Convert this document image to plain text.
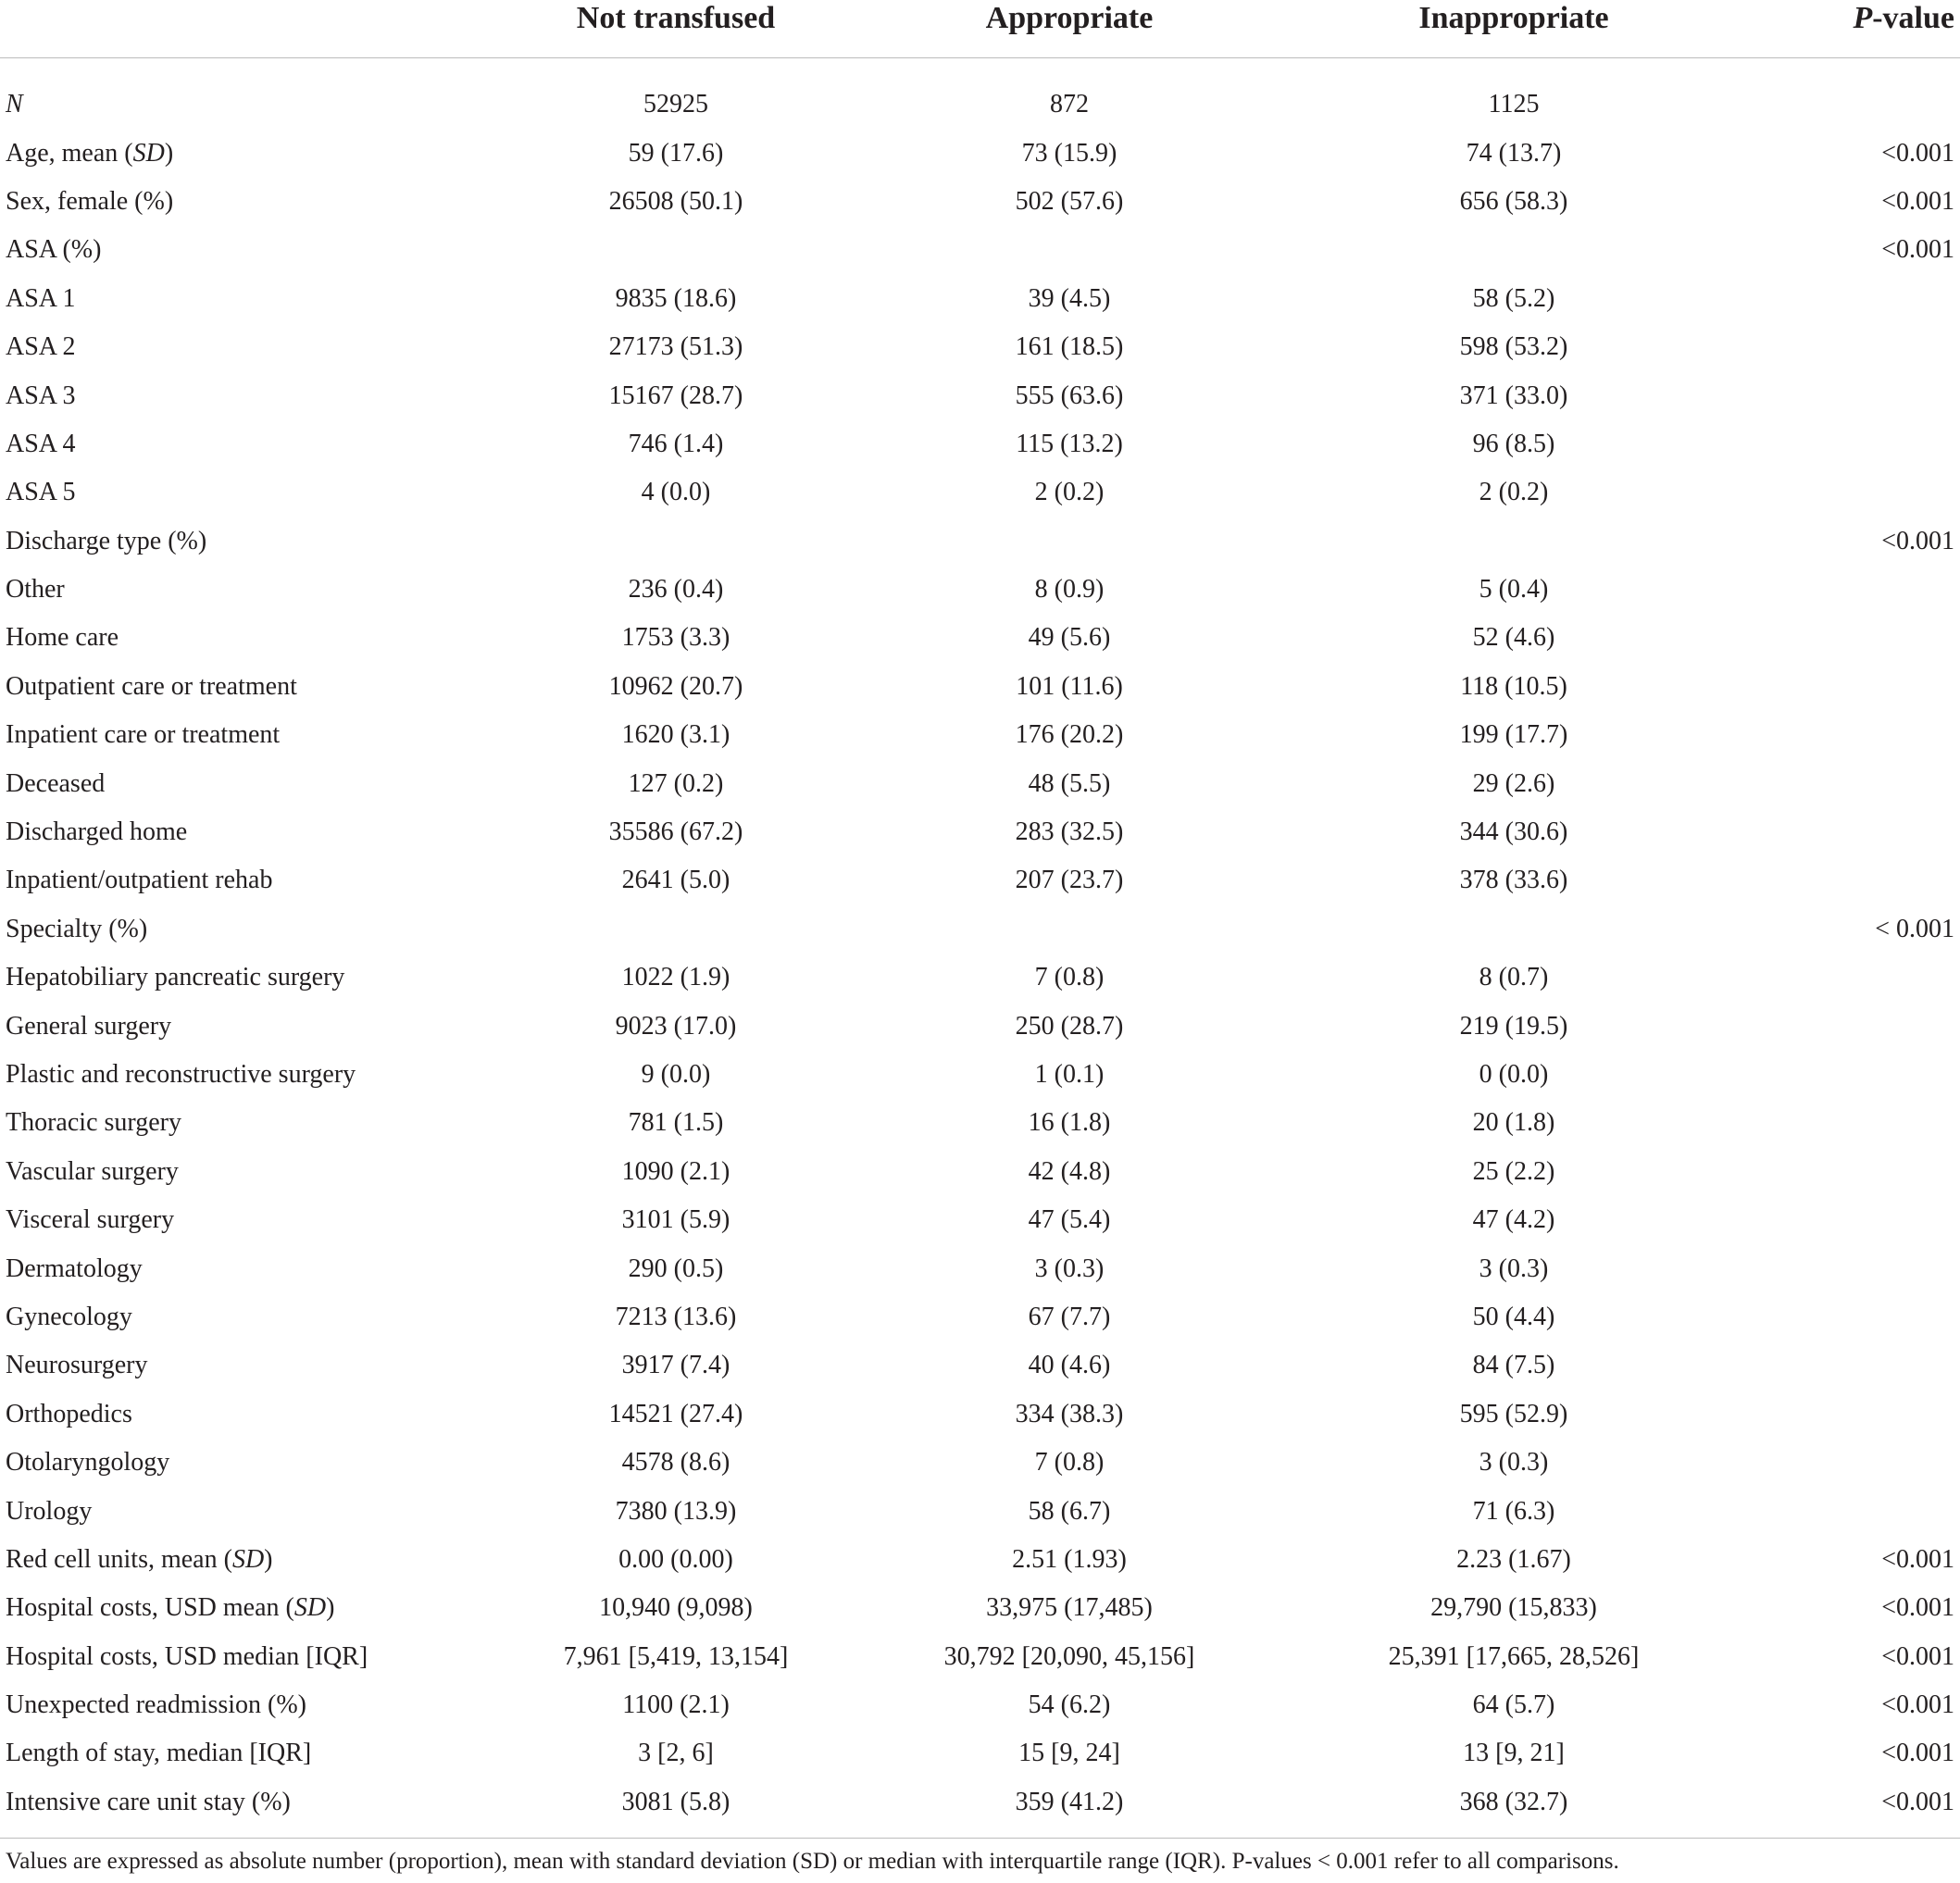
	Not transfused	Appropriate	Inappropriate	P-value

N	52925	872	1125	
Age, mean (SD)	59 (17.6)	73 (15.9)	74 (13.7)	<0.001
Sex, female (%)	26508 (50.1)	502 (57.6)	656 (58.3)	<0.001
ASA (%)				<0.001
ASA 1	9835 (18.6)	39 (4.5)	58 (5.2)	
ASA 2	27173 (51.3)	161 (18.5)	598 (53.2)	
ASA 3	15167 (28.7)	555 (63.6)	371 (33.0)	
ASA 4	746 (1.4)	115 (13.2)	96 (8.5)	
ASA 5	4 (0.0)	2 (0.2)	2 (0.2)	
Discharge type (%)				<0.001
Other	236 (0.4)	8 (0.9)	5 (0.4)	
Home care	1753 (3.3)	49 (5.6)	52 (4.6)	
Outpatient care or treatment	10962 (20.7)	101 (11.6)	118 (10.5)	
Inpatient care or treatment	1620 (3.1)	176 (20.2)	199 (17.7)	
Deceased	127 (0.2)	48 (5.5)	29 (2.6)	
Discharged home	35586 (67.2)	283 (32.5)	344 (30.6)	
Inpatient/outpatient rehab	2641 (5.0)	207 (23.7)	378 (33.6)	
Specialty (%)				< 0.001
Hepatobiliary pancreatic surgery	1022 (1.9)	7 (0.8)	8 (0.7)	
General surgery	9023 (17.0)	250 (28.7)	219 (19.5)	
Plastic and reconstructive surgery	9 (0.0)	1 (0.1)	0 (0.0)	
Thoracic surgery	781 (1.5)	16 (1.8)	20 (1.8)	
Vascular surgery	1090 (2.1)	42 (4.8)	25 (2.2)	
Visceral surgery	3101 (5.9)	47 (5.4)	47 (4.2)	
Dermatology	290 (0.5)	3 (0.3)	3 (0.3)	
Gynecology	7213 (13.6)	67 (7.7)	50 (4.4)	
Neurosurgery	3917 (7.4)	40 (4.6)	84 (7.5)	
Orthopedics	14521 (27.4)	334 (38.3)	595 (52.9)	
Otolaryngology	4578 (8.6)	7 (0.8)	3 (0.3)	
Urology	7380 (13.9)	58 (6.7)	71 (6.3)	
Red cell units, mean (SD)	0.00 (0.00)	2.51 (1.93)	2.23 (1.67)	<0.001
Hospital costs, USD mean (SD)	10,940 (9,098)	33,975 (17,485)	29,790 (15,833)	<0.001
Hospital costs, USD median [IQR]	7,961 [5,419, 13,154]	30,792 [20,090, 45,156]	25,391 [17,665, 28,526]	<0.001
Unexpected readmission (%)	1100 (2.1)	54 (6.2)	64 (5.7)	<0.001
Length of stay, median [IQR]	3 [2, 6]	15 [9, 24]	13 [9, 21]	<0.001
Intensive care unit stay (%)	3081 (5.8)	359 (41.2)	368 (32.7)	<0.001

Values are expressed as absolute number (proportion), mean with standard deviation (SD) or median with interquartile range (IQR). P-values < 0.001 refer to all comparisons.
